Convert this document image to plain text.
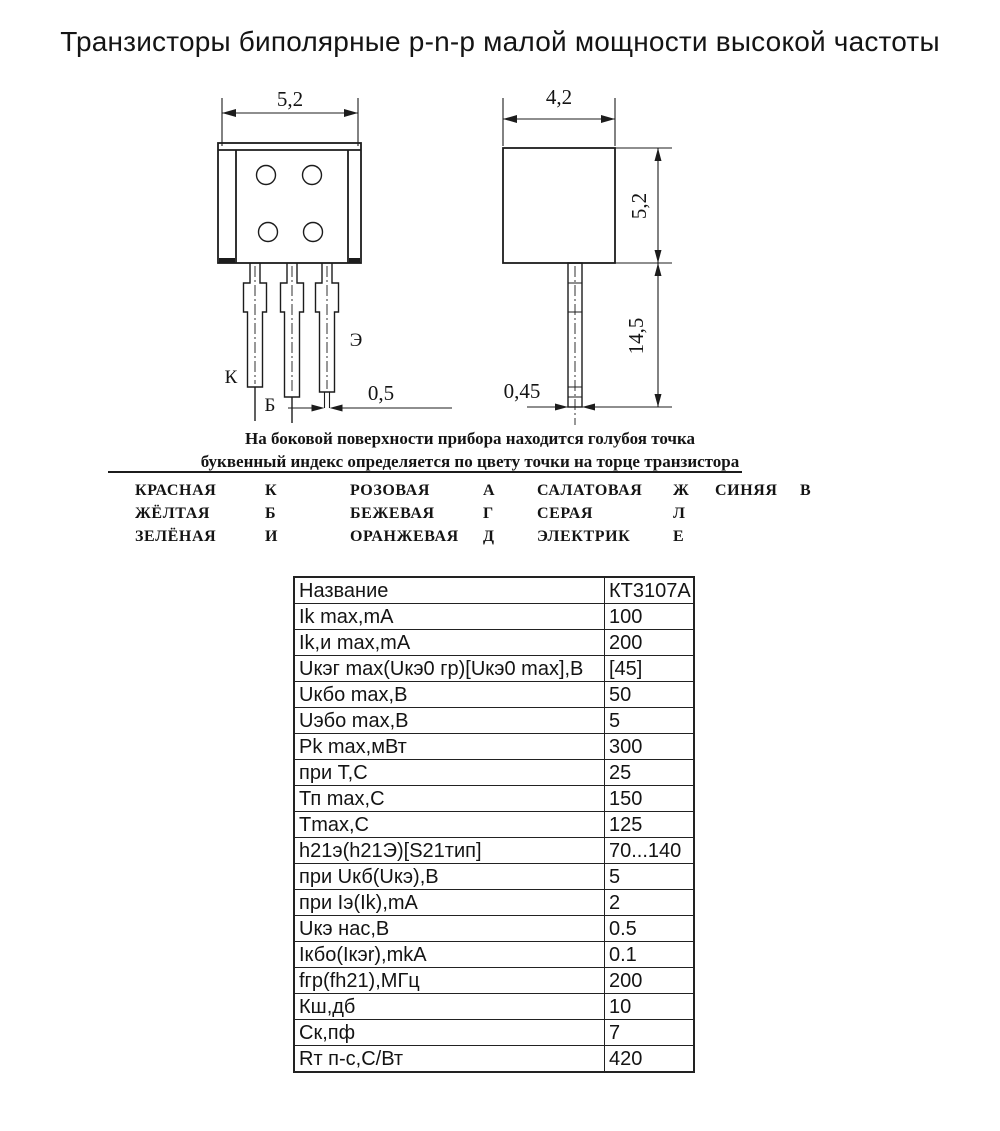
Транзисторы биполярные p-n-p малой мощности высокой частоты
5,2
К
Б
Э
0,5
4,2
5,2
14,5
0,45
На боковой поверхности прибора находится голубоя точка
буквенный индекс определяется по цвету точки на торце транзистора
КРАСНАЯ	К	РОЗОВАЯ	А	САЛАТОВАЯ	Ж	СИНЯЯ	В
ЖЁЛТАЯ	Б	БЕЖЕВАЯ	Г	СЕРАЯ	Л
ЗЕЛЁНАЯ	И	ОРАНЖЕВАЯ	Д	ЭЛЕКТРИК	Е
Название	КТ3107А
Ik max,mA	100
Ik,и max,mA	200
Uкэг max(Uкэ0 гр)[Uкэ0 max],В	[45]
Uкбо max,В	50
Uэбо max,В	5
Pk max,мВт	300
при Т,С	25
Тп max,С	150
Tmax,С	125
h21э(h21Э)[S21тип]	70...140
при Uкб(Uкэ),В	5
при Iэ(Ik),mA	2
Uкэ нас,В	0.5
Iкбо(Iкэr),mkA	0.1
fгр(fh21),МГц	200
Кш,дб	10
Ск,пф	7
Rт п-с,С/Вт	420
